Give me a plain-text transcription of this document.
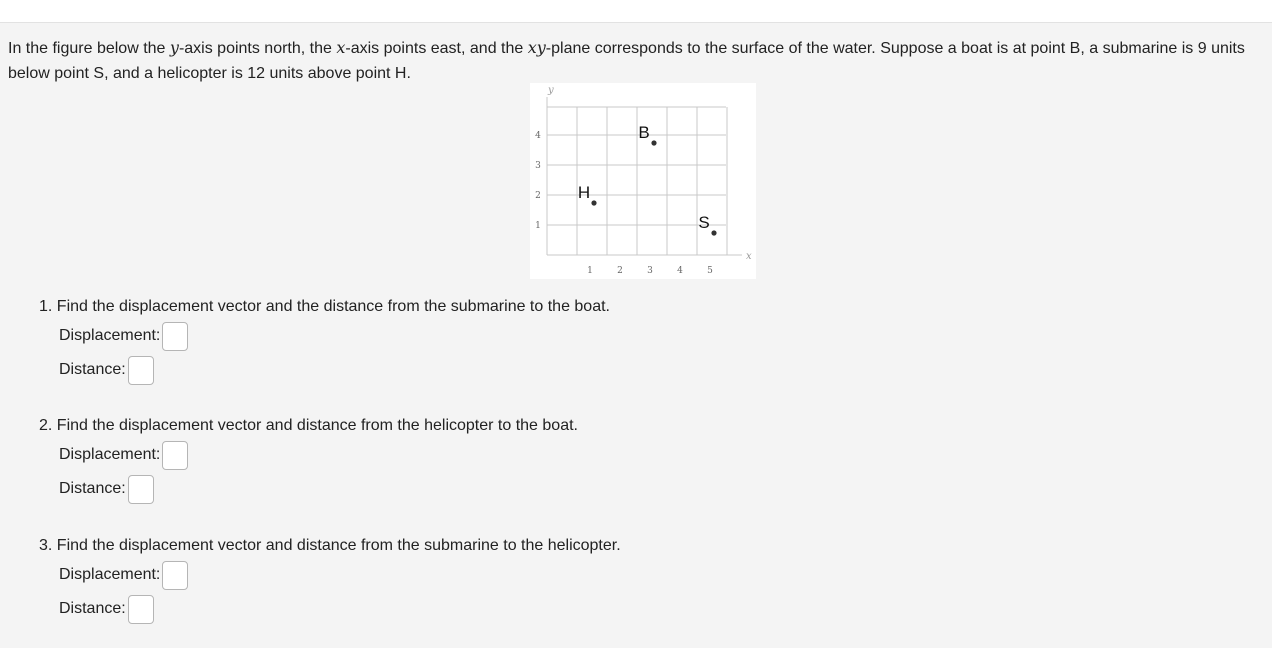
In the figure below the y-axis points north, the x-axis points east, and the xy-plane corresponds to the surface of the water. Suppose a boat is at point B, a submarine is 9 units below point S, and a helicopter is 12 units above point H.
y
x
1	2	3	4	5
1
2
3
4	B
H
S
1. Find the displacement vector and the distance from the submarine to the boat.
Displacement:
Distance:
2. Find the displacement vector and distance from the helicopter to the boat.
Displacement:
Distance:
3. Find the displacement vector and distance from the submarine to the helicopter.
Displacement:
Distance:
